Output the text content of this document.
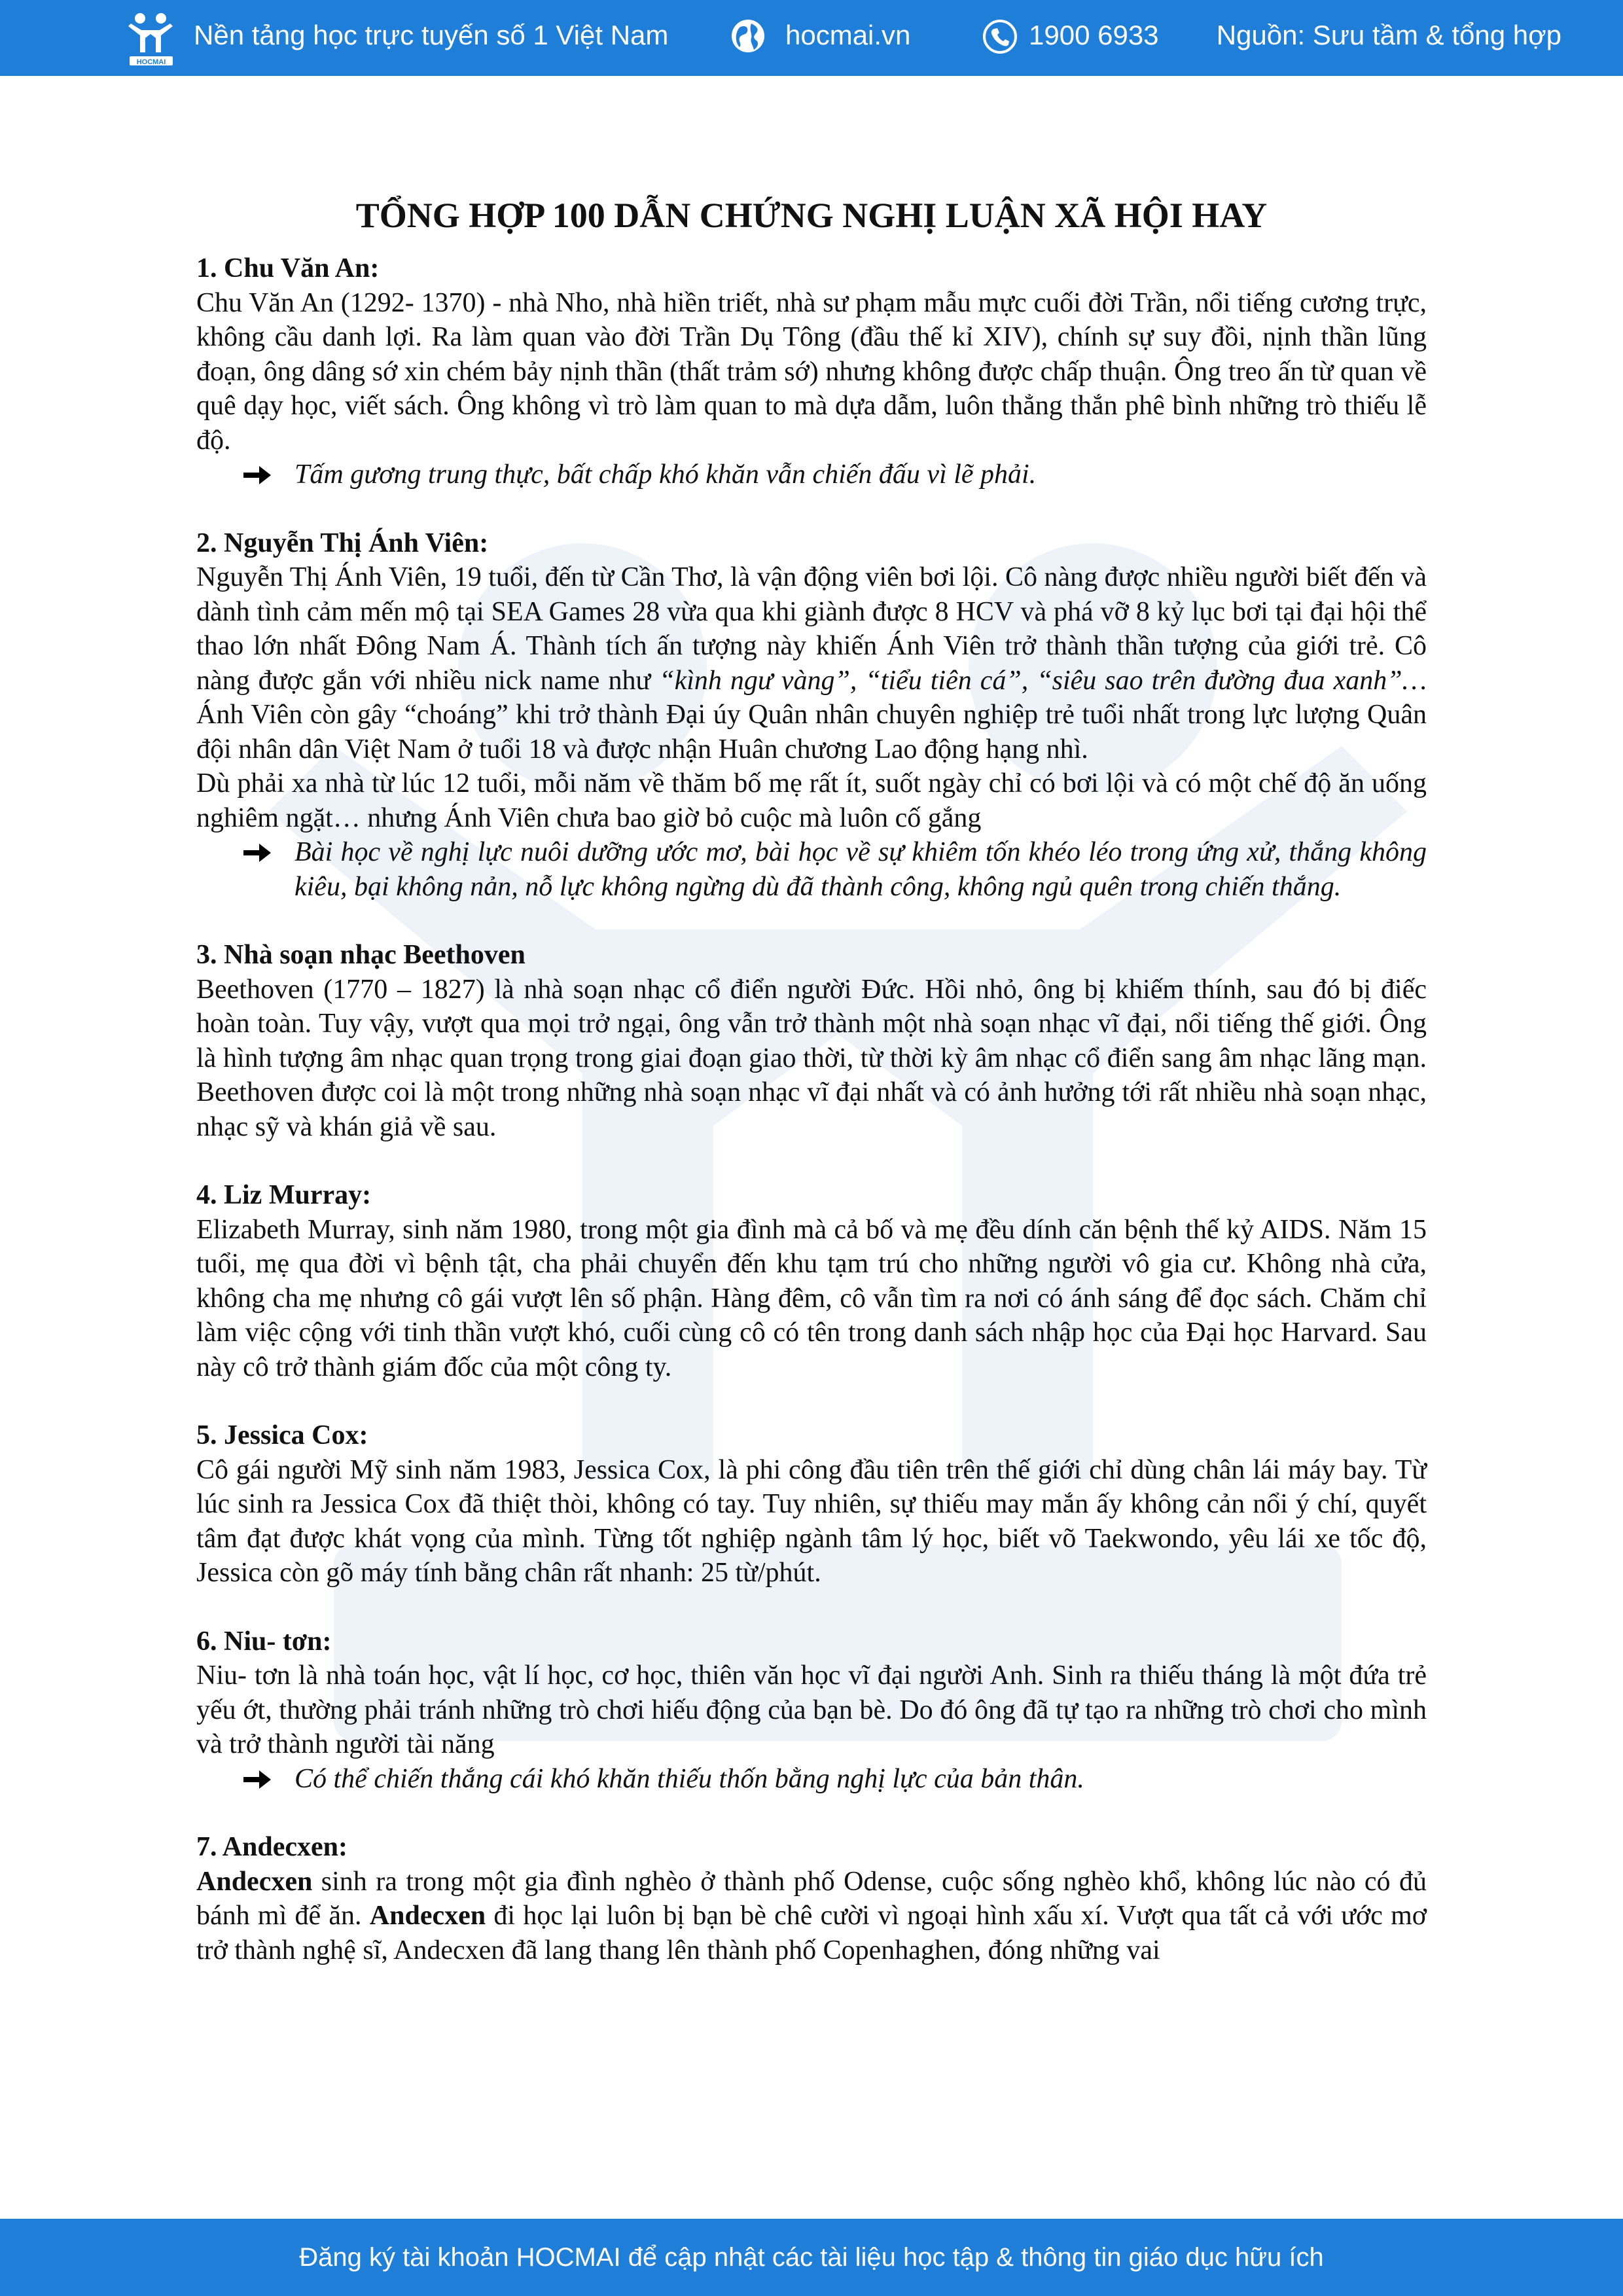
HOCMAI
Nền tảng học trực tuyến số 1 Việt Nam	hocmai.vn	1900 6933 Nguồn: Sưu tầm & tổng hợp
TỔNG HỢP 100 DẪN CHỨNG NGHỊ LUẬN XÃ HỘI HAY
1. Chu Văn An:

Chu Văn An (1292- 1370) - nhà Nho, nhà hiền triết, nhà sư phạm mẫu mực cuối đời Trần, nổi tiếng cương trực, không cầu danh lợi. Ra làm quan vào đời Trần Dụ Tông (đầu thế kỉ XIV), chính sự suy đồi, nịnh thần lũng đoạn, ông dâng sớ xin chém bảy nịnh thần (thất trảm sớ) nhưng không được chấp thuận. Ông treo ấn từ quan về quê dạy học, viết sách. Ông không vì trò làm quan to mà dựa dẫm, luôn thẳng thắn phê bình những trò thiếu lễ độ.

Tấm gương trung thực, bất chấp khó khăn vẫn chiến đấu vì lẽ phải.
2. Nguyễn Thị Ánh Viên:

Nguyễn Thị Ánh Viên, 19 tuổi, đến từ Cần Thơ, là vận động viên bơi lội. Cô nàng được nhiều người biết đến và dành tình cảm mến mộ tại SEA Games 28 vừa qua khi giành được 8 HCV và phá vỡ 8 kỷ lục bơi tại đại hội thể thao lớn nhất Đông Nam Á. Thành tích ấn tượng này khiến Ánh Viên trở thành thần tượng của giới trẻ. Cô nàng được gắn với nhiều nick name như “kình ngư vàng”, “tiểu tiên cá”, “siêu sao trên đường đua xanh”… Ánh Viên còn gây “choáng” khi trở thành Đại úy Quân nhân chuyên nghiệp trẻ tuổi nhất trong lực lượng Quân đội nhân dân Việt Nam ở tuổi 18 và được nhận Huân chương Lao động hạng nhì.

Dù phải xa nhà từ lúc 12 tuổi, mỗi năm về thăm bố mẹ rất ít, suốt ngày chỉ có bơi lội và có một chế độ ăn uống nghiêm ngặt… nhưng Ánh Viên chưa bao giờ bỏ cuộc mà luôn cố gắng

Bài học về nghị lực nuôi dưỡng ước mơ, bài học về sự khiêm tốn khéo léo trong ứng xử, thắng không kiêu, bại không nản, nỗ lực không ngừng dù đã thành công, không ngủ quên trong chiến thắng.
3. Nhà soạn nhạc Beethoven

Beethoven (1770 – 1827) là nhà soạn nhạc cổ điển người Đức. Hồi nhỏ, ông bị khiếm thính, sau đó bị điếc hoàn toàn. Tuy vậy, vượt qua mọi trở ngại, ông vẫn trở thành một nhà soạn nhạc vĩ đại, nổi tiếng thế giới. Ông là hình tượng âm nhạc quan trọng trong giai đoạn giao thời, từ thời kỳ âm nhạc cổ điển sang âm nhạc lãng mạn. Beethoven được coi là một trong những nhà soạn nhạc vĩ đại nhất và có ảnh hưởng tới rất nhiều nhà soạn nhạc, nhạc sỹ và khán giả về sau.

4. Liz Murray:

Elizabeth Murray, sinh năm 1980, trong một gia đình mà cả bố và mẹ đều dính căn bệnh thế kỷ AIDS. Năm 15 tuổi, mẹ qua đời vì bệnh tật, cha phải chuyển đến khu tạm trú cho những người vô gia cư. Không nhà cửa, không cha mẹ nhưng cô gái vượt lên số phận. Hàng đêm, cô vẫn tìm ra nơi có ánh sáng để đọc sách. Chăm chỉ làm việc cộng với tinh thần vượt khó, cuối cùng cô có tên trong danh sách nhập học của Đại học Harvard. Sau này cô trở thành giám đốc của một công ty.

5. Jessica Cox:

Cô gái người Mỹ sinh năm 1983, Jessica Cox, là phi công đầu tiên trên thế giới chỉ dùng chân lái máy bay. Từ lúc sinh ra Jessica Cox đã thiệt thòi, không có tay. Tuy nhiên, sự thiếu may mắn ấy không cản nổi ý chí, quyết tâm đạt được khát vọng của mình. Từng tốt nghiệp ngành tâm lý học, biết võ Taekwondo, yêu lái xe tốc độ, Jessica còn gõ máy tính bằng chân rất nhanh: 25 từ/phút.

6. Niu- tơn:

Niu- tơn là nhà toán học, vật lí học, cơ học, thiên văn học vĩ đại người Anh. Sinh ra thiếu tháng là một đứa trẻ yếu ớt, thường phải tránh những trò chơi hiếu động của bạn bè. Do đó ông đã tự tạo ra những trò chơi cho mình và trở thành người tài năng

Có thể chiến thắng cái khó khăn thiếu thốn bằng nghị lực của bản thân.
7. Andecxen:

Andecxen sinh ra trong một gia đình nghèo ở thành phố Odense, cuộc sống nghèo khổ, không lúc nào có đủ bánh mì để ăn. Andecxen đi học lại luôn bị bạn bè chê cười vì ngoại hình xấu xí. Vượt qua tất cả với ước mơ trở thành nghệ sĩ, Andecxen đã lang thang lên thành phố Copenhaghen, đóng những vai

Đăng ký tài khoản HOCMAI để cập nhật các tài liệu học tập & thông tin giáo dục hữu ích
